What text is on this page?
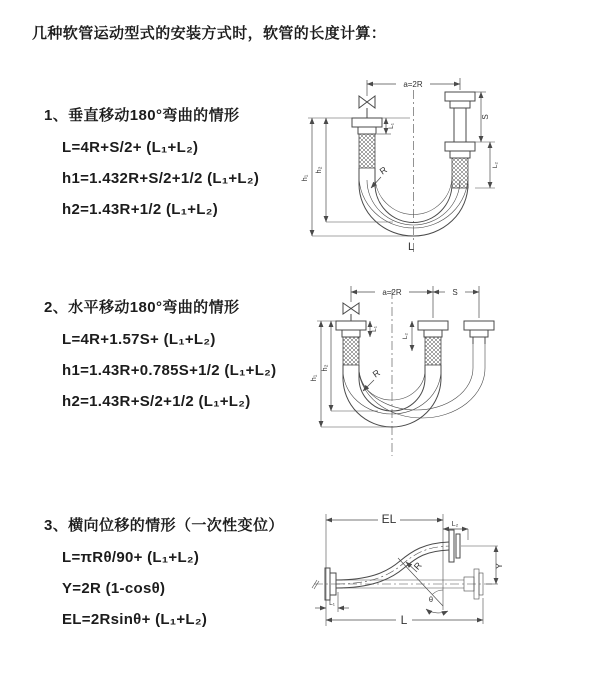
几种软管运动型式的安装方式时，软管的长度计算：
1、垂直移动180°弯曲的情形
L=4R+S/2+ (L₁+L₂)
h1=1.432R+S/2+1/2 (L₁+L₂)
h2=1.43R+1/2 (L₁+L₂)
2、水平移动180°弯曲的情形
L=4R+1.57S+ (L₁+L₂)
h1=1.43R+0.785S+1/2 (L₁+L₂)
h2=1.43R+S/2+1/2 (L₁+L₂)
3、横向位移的情形（一次性变位）
L=πRθ/90+ (L₁+L₂)
Y=2R (1-cosθ)
EL=2Rsinθ+ (L₁+L₂)
a=2R
h₁
h₂
L₁
S
L₂
R
L
a=2R	S
h₁
h₂
L₁
L₂
R
EL	L₂
Y
L
L₁	θ
R
